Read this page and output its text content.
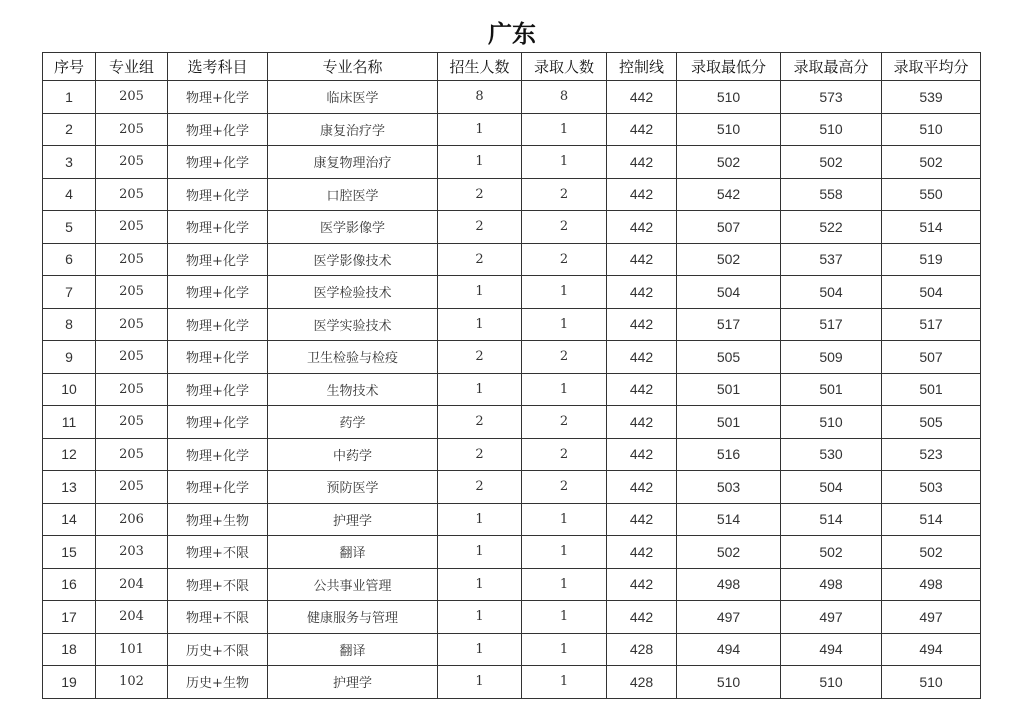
广东
序号	专业组	选考科目	专业名称	招生人数	录取人数	控制线	录取最低分	录取最高分	录取平均分
1	205	物理+化学	临床医学	8	8	442	510	573	539
2	205	物理+化学	康复治疗学	1	1	442	510	510	510
3	205	物理+化学	康复物理治疗	1	1	442	502	502	502
4	205	物理+化学	口腔医学	2	2	442	542	558	550
5	205	物理+化学	医学影像学	2	2	442	507	522	514
6	205	物理+化学	医学影像技术	2	2	442	502	537	519
7	205	物理+化学	医学检验技术	1	1	442	504	504	504
8	205	物理+化学	医学实验技术	1	1	442	517	517	517
9	205	物理+化学	卫生检验与检疫	2	2	442	505	509	507
10	205	物理+化学	生物技术	1	1	442	501	501	501
11	205	物理+化学	药学	2	2	442	501	510	505
12	205	物理+化学	中药学	2	2	442	516	530	523
13	205	物理+化学	预防医学	2	2	442	503	504	503
14	206	物理+生物	护理学	1	1	442	514	514	514
15	203	物理+不限	翻译	1	1	442	502	502	502
16	204	物理+不限	公共事业管理	1	1	442	498	498	498
17	204	物理+不限	健康服务与管理	1	1	442	497	497	497
18	101	历史+不限	翻译	1	1	428	494	494	494
19	102	历史+生物	护理学	1	1	428	510	510	510
